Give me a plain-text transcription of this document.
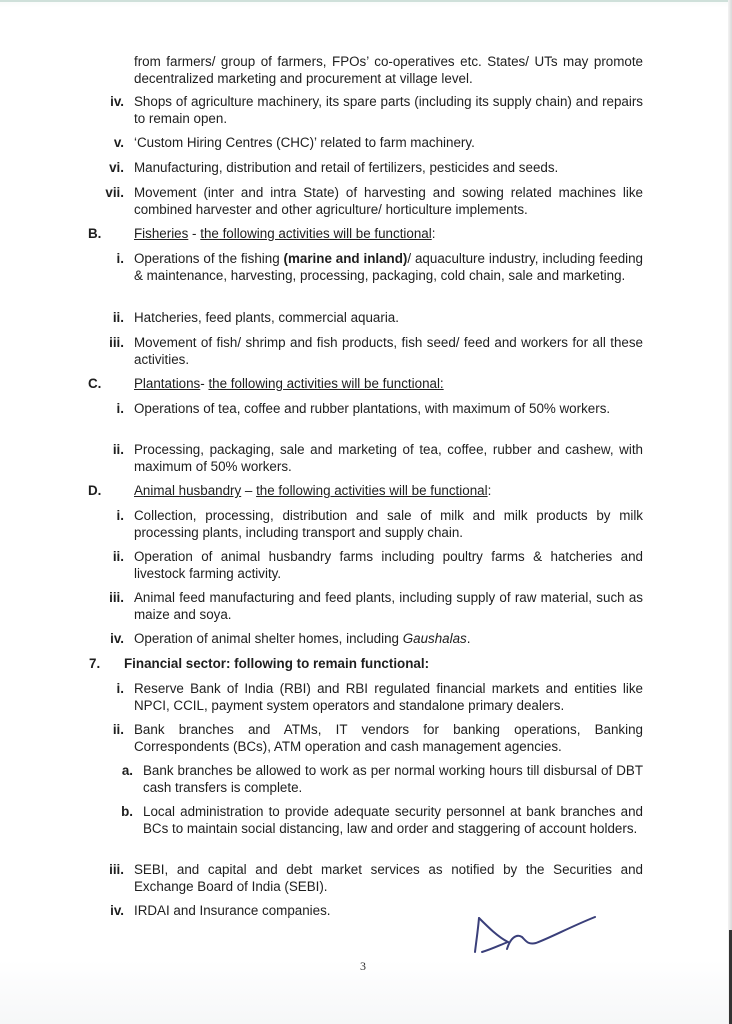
from farmers/ group of farmers, FPOs’ co-operatives etc. States/ UTs may promote decentralized marketing and procurement at village level.
iv. Shops of agriculture machinery, its spare parts (including its supply chain) and repairs to remain open.
v. ‘Custom Hiring Centres (CHC)’ related to farm machinery.
vi. Manufacturing, distribution and retail of fertilizers, pesticides and seeds.
vii. Movement (inter and intra State) of harvesting and sowing related machines like combined harvester and other agriculture/ horticulture implements.
B. Fisheries - the following activities will be functional:
i. Operations of the fishing (marine and inland)/ aquaculture industry, including feeding & maintenance, harvesting, processing, packaging, cold chain, sale and marketing.
ii. Hatcheries, feed plants, commercial aquaria.
iii. Movement of fish/ shrimp and fish products, fish seed/ feed and workers for all these activities.
C. Plantations- the following activities will be functional:
i. Operations of tea, coffee and rubber plantations, with maximum of 50% workers.
ii. Processing, packaging, sale and marketing of tea, coffee, rubber and cashew, with maximum of 50% workers.
D. Animal husbandry – the following activities will be functional:
i. Collection, processing, distribution and sale of milk and milk products by milk processing plants, including transport and supply chain.
ii. Operation of animal husbandry farms including poultry farms & hatcheries and livestock farming activity.
iii. Animal feed manufacturing and feed plants, including supply of raw material, such as maize and soya.
iv. Operation of animal shelter homes, including Gaushalas.
7. Financial sector: following to remain functional:
i. Reserve Bank of India (RBI) and RBI regulated financial markets and entities like NPCI, CCIL, payment system operators and standalone primary dealers.
ii. Bank branches and ATMs, IT vendors for banking operations, Banking Correspondents (BCs), ATM operation and cash management agencies.
a. Bank branches be allowed to work as per normal working hours till disbursal of DBT cash transfers is complete.
b. Local administration to provide adequate security personnel at bank branches and BCs to maintain social distancing, law and order and staggering of account holders.
iii. SEBI, and capital and debt market services as notified by the Securities and Exchange Board of India (SEBI).
iv. IRDAI and Insurance companies.
3
